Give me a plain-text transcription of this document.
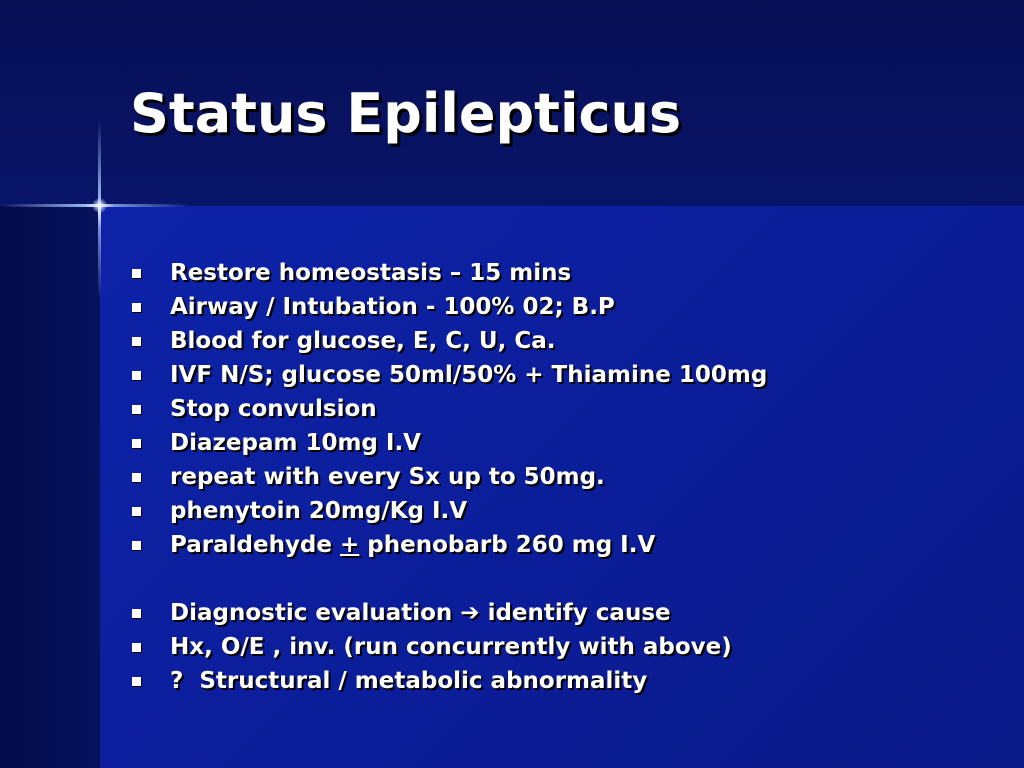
Status Epilepticus
Restore homeostasis – 15 mins
Airway / Intubation - 100% 02; B.P
Blood for glucose, E, C, U, Ca.
IVF N/S; glucose 50ml/50% + Thiamine 100mg
Stop convulsion
Diazepam 10mg I.V
repeat with every Sx up to 50mg.
phenytoin 20mg/Kg I.V
Paraldehyde + phenobarb 260 mg I.V
Diagnostic evaluation ➔ identify cause
Hx, O/E , inv. (run concurrently with above)
?  Structural / metabolic abnormality
